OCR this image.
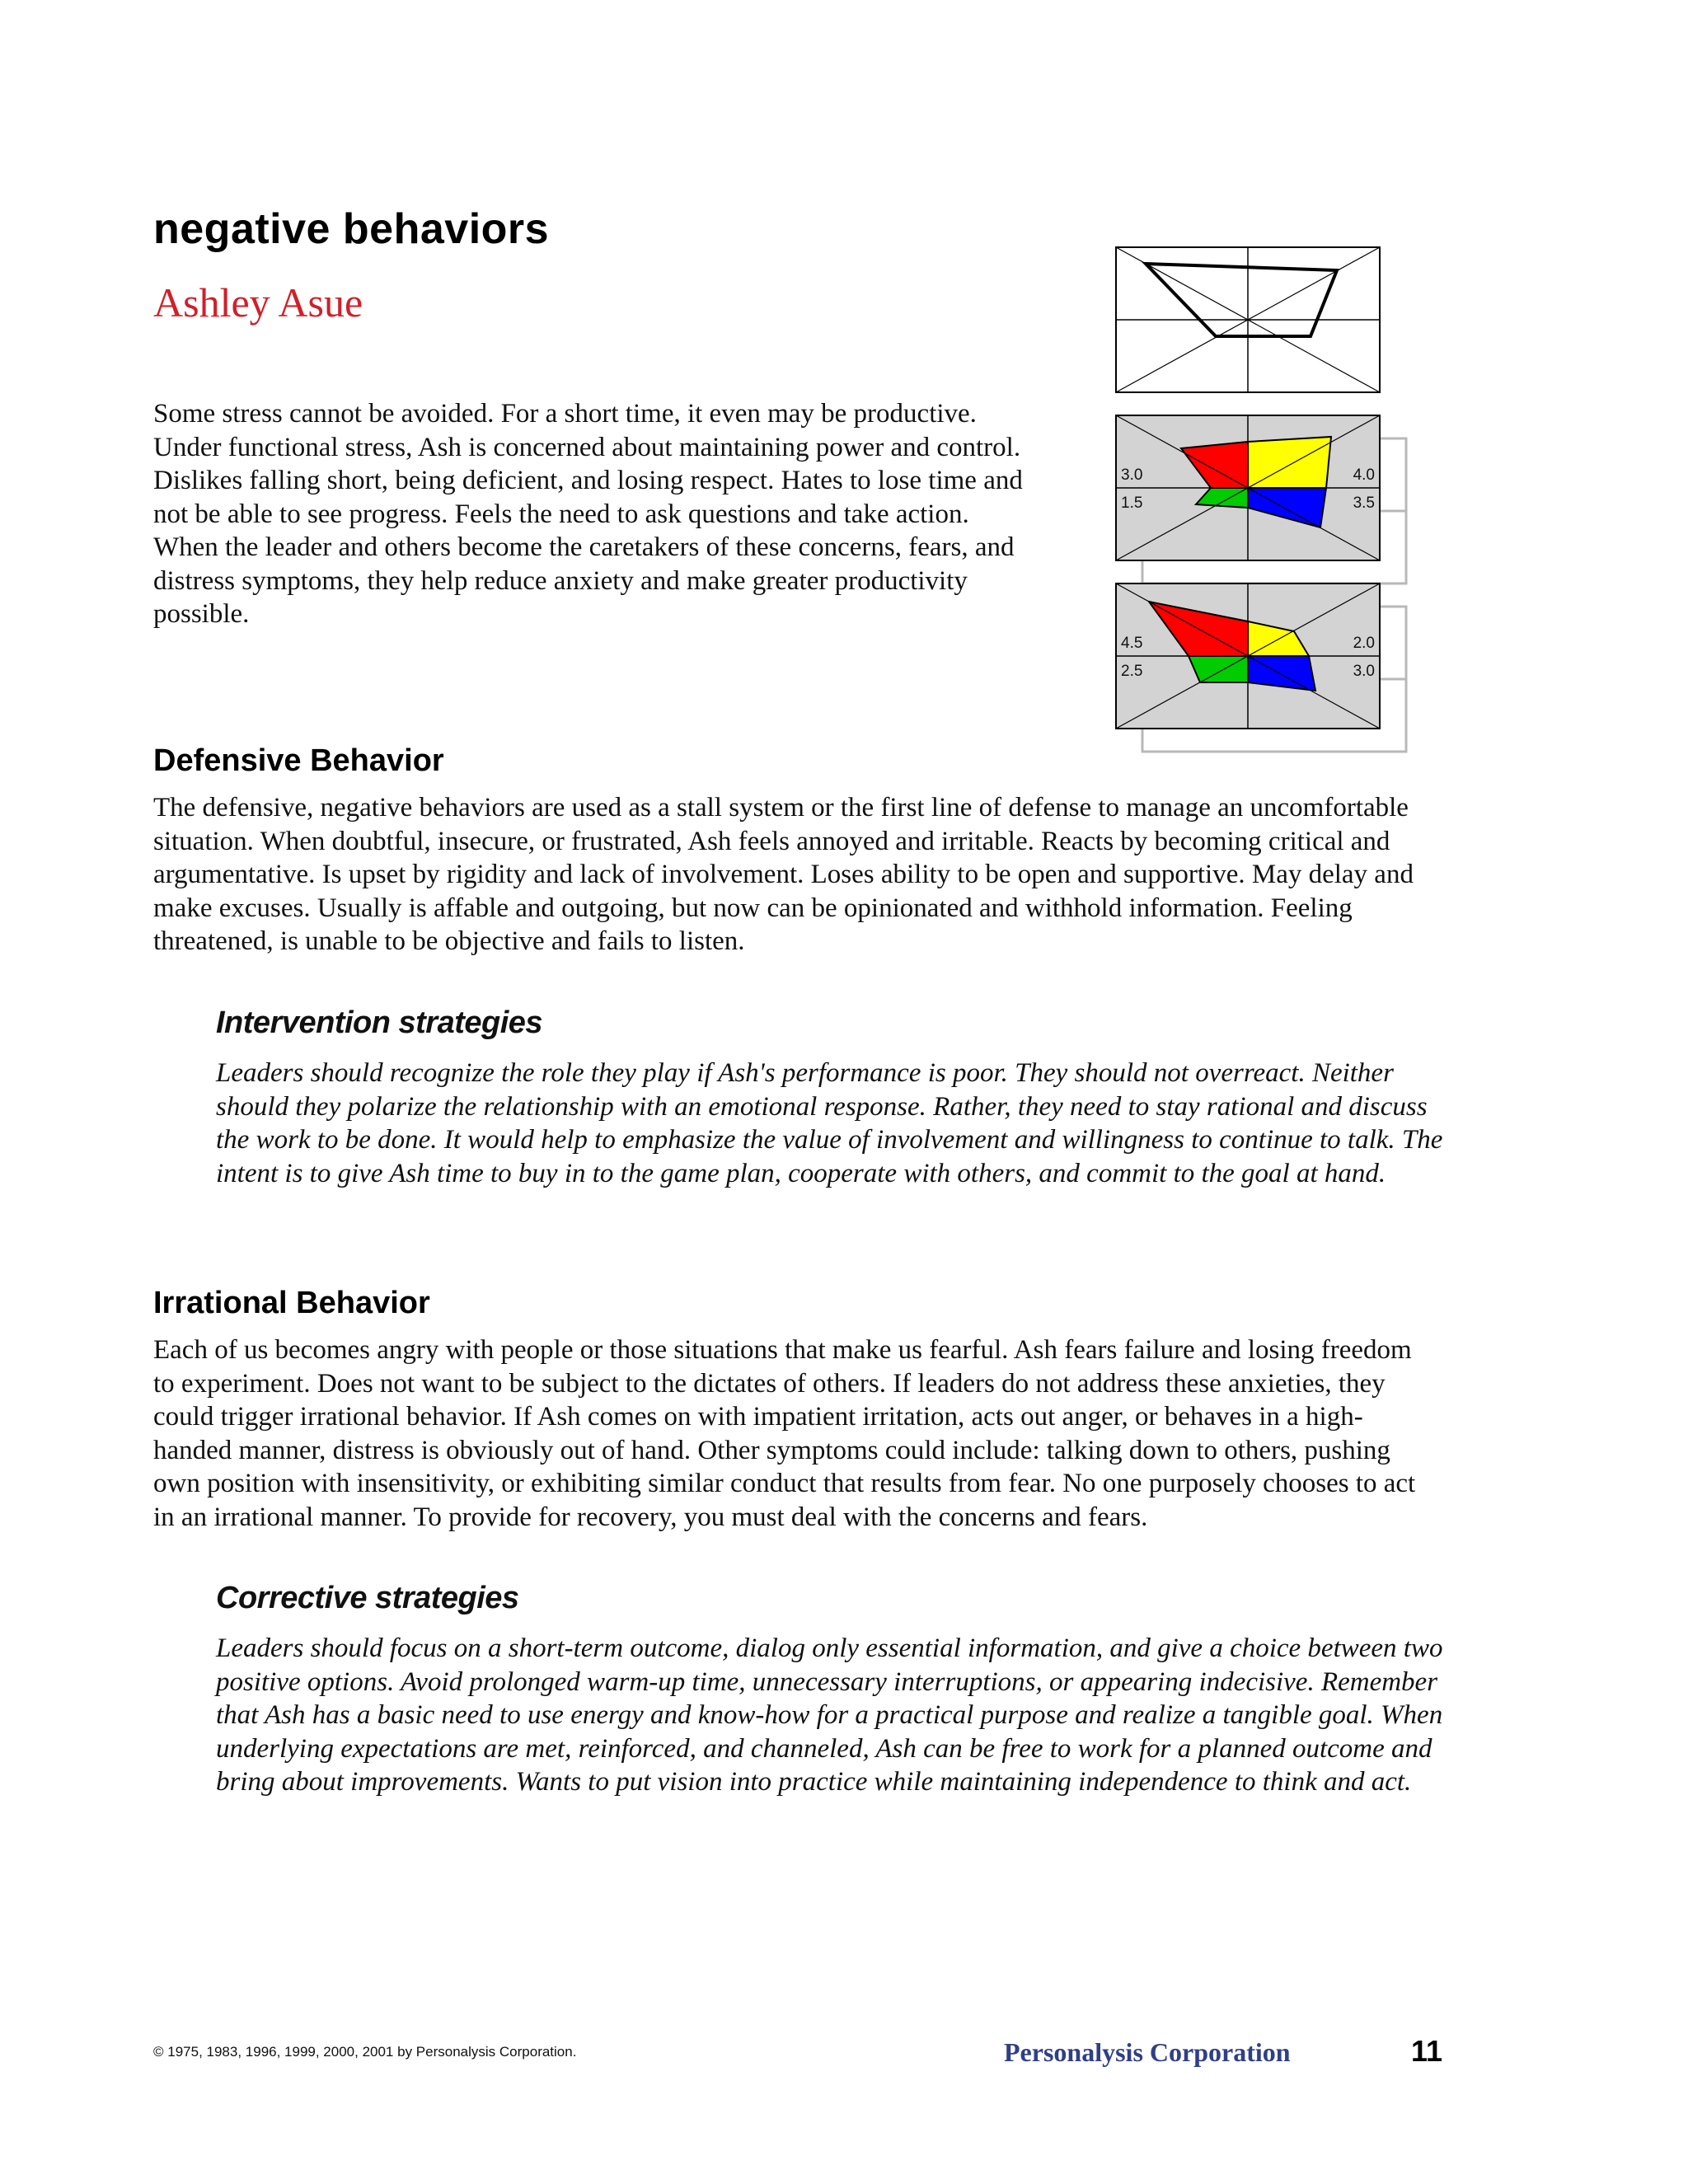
negative behaviors
Ashley Asue

Some stress cannot be avoided. For a short time, it even may be productive. Under functional stress, Ash is concerned about maintaining power and control. Dislikes falling short, being deficient, and losing respect. Hates to lose time and not be able to see progress. Feels the need to ask questions and take action. When the leader and others become the caretakers of these concerns, fears, and distress symptoms, they help reduce anxiety and make greater productivity possible.

3.0
1.5
4.0
3.5
4.5
2.5
2.0
3.0
Defensive Behavior

The defensive, negative behaviors are used as a stall system or the first line of defense to manage an uncomfortable situation. When doubtful, insecure, or frustrated, Ash feels annoyed and irritable. Reacts by becoming critical and argumentative. Is upset by rigidity and lack of involvement. Loses ability to be open and supportive. May delay and make excuses. Usually is affable and outgoing, but now can be opinionated and withhold information. Feeling threatened, is unable to be objective and fails to listen.

Intervention strategies

Leaders should recognize the role they play if Ash's performance is poor. They should not overreact. Neither should they polarize the relationship with an emotional response. Rather, they need to stay rational and discuss the work to be done. It would help to emphasize the value of involvement and willingness to continue to talk. The intent is to give Ash time to buy in to the game plan, cooperate with others, and commit to the goal at hand.

Irrational Behavior

Each of us becomes angry with people or those situations that make us fearful. Ash fears failure and losing freedom to experiment. Does not want to be subject to the dictates of others. If leaders do not address these anxieties, they could trigger irrational behavior. If Ash comes on with impatient irritation, acts out anger, or behaves in a high-handed manner, distress is obviously out of hand. Other symptoms could include: talking down to others, pushing own position with insensitivity, or exhibiting similar conduct that results from fear. No one purposely chooses to act in an irrational manner. To provide for recovery, you must deal with the concerns and fears.

Corrective strategies

Leaders should focus on a short-term outcome, dialog only essential information, and give a choice between two positive options. Avoid prolonged warm-up time, unnecessary interruptions, or appearing indecisive. Remember that Ash has a basic need to use energy and know-how for a practical purpose and realize a tangible goal. When underlying expectations are met, reinforced, and channeled, Ash can be free to work for a planned outcome and bring about improvements. Wants to put vision into practice while maintaining independence to think and act.

© 1975, 1983, 1996, 1999, 2000, 2001 by Personalysis Corporation.	Personalysis Corporation	11
